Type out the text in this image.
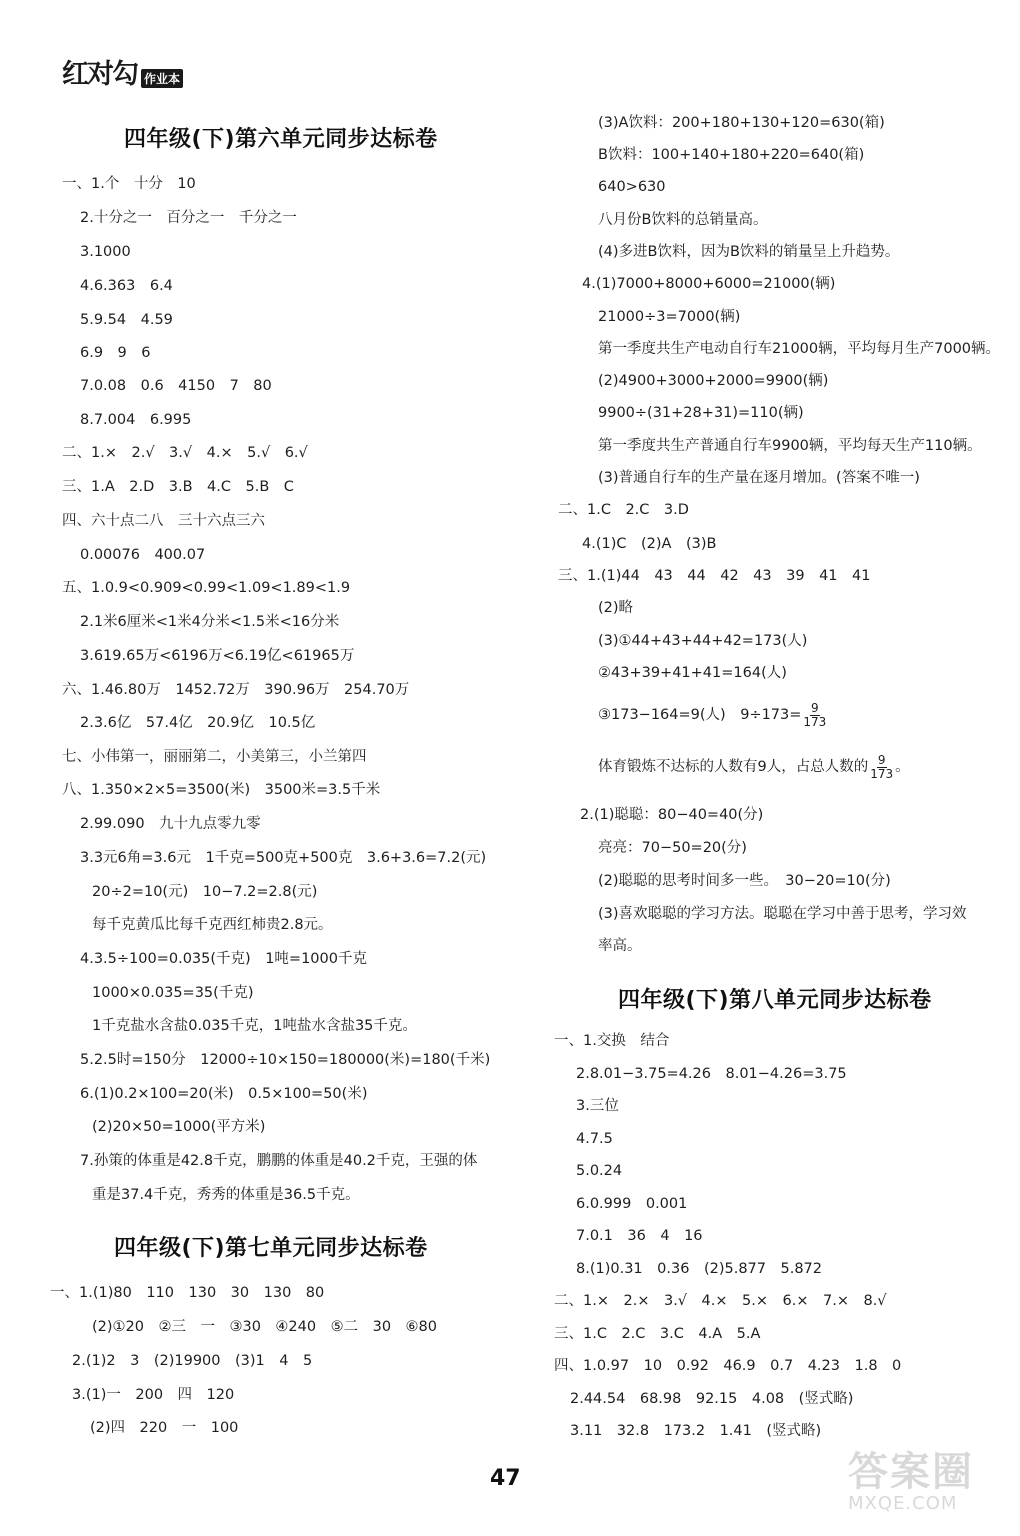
红对勾 作业本
四年级(下)第六单元同步达标卷
一、1.个　十分　10
2.十分之一　百分之一　千分之一
3.1000
4.6.363　6.4
5.9.54　4.59
6.9　9　6
7.0.08　0.6　4150　7　80
8.7.004　6.995
二、1.×　2.√　3.√　4.×　5.√　6.√
三、1.A　2.D　3.B　4.C　5.B　C
四、六十点二八　三十六点三六
0.00076　400.07
五、1.0.9<0.909<0.99<1.09<1.89<1.9
2.1米6厘米<1米4分米<1.5米<16分米
3.619.65万<6196万<6.19亿<61965万
六、1.46.80万　1452.72万　390.96万　254.70万
2.3.6亿　57.4亿　20.9亿　10.5亿
七、小伟第一，丽丽第二，小美第三，小兰第四
八、1.350×2×5=3500(米)　3500米=3.5千米
2.99.090　九十九点零九零
3.3元6角=3.6元　1千克=500克+500克　3.6+3.6=7.2(元)
20÷2=10(元)　10−7.2=2.8(元)
每千克黄瓜比每千克西红柿贵2.8元。
4.3.5÷100=0.035(千克)　1吨=1000千克
1000×0.035=35(千克)
1千克盐水含盐0.035千克，1吨盐水含盐35千克。
5.2.5时=150分　12000÷10×150=180000(米)=180(千米)
6.(1)0.2×100=20(米)　0.5×100=50(米)
(2)20×50=1000(平方米)
7.孙策的体重是42.8千克，鹏鹏的体重是40.2千克，王强的体
重是37.4千克，秀秀的体重是36.5千克。
四年级(下)第七单元同步达标卷
一、1.(1)80　110　130　30　130　80
(2)①20　②三　一　③30　④240　⑤二　30　⑥80
2.(1)2　3　(2)19900　(3)1　4　5
3.(1)一　200　四　120
(2)四　220　一　100
(3)A饮料：200+180+130+120=630(箱)
B饮料：100+140+180+220=640(箱)
640>630
八月份B饮料的总销量高。
(4)多进B饮料，因为B饮料的销量呈上升趋势。
4.(1)7000+8000+6000=21000(辆)
21000÷3=7000(辆)
第一季度共生产电动自行车21000辆，平均每月生产7000辆。
(2)4900+3000+2000=9900(辆)
9900÷(31+28+31)=110(辆)
第一季度共生产普通自行车9900辆，平均每天生产110辆。
(3)普通自行车的生产量在逐月增加。(答案不唯一)
二、1.C　2.C　3.D
4.(1)C　(2)A　(3)B
三、1.(1)44　43　44　42　43　39　41　41
(2)略
(3)①44+43+44+42=173(人)
②43+39+41+41=164(人)
③173−164=9(人)　$9\div 173= \frac{9}{173}$
体育锻炼不达标的人数有9人，占总人数的 $\frac{9}{173}$ 。
2.(1)聪聪：80−40=40(分)
亮亮：70−50=20(分)
(2)聪聪的思考时间多一些。　30−20=10(分)
(3)喜欢聪聪的学习方法。聪聪在学习中善于思考，学习效
率高。
四年级(下)第八单元同步达标卷
一、1.交换　结合
2.8.01−3.75=4.26　8.01−4.26=3.75
3.三位
4.7.5
5.0.24
6.0.999　0.001
7.0.1　36　4　16
8.(1)0.31　0.36　(2)5.877　5.872
二、1.×　2.×　3.√　4.×　5.×　6.×　7.×　8.√
三、1.C　2.C　3.C　4.A　5.A
四、1.0.97　10　0.92　46.9　0.7　4.23　1.8　0
2.44.54　68.98　92.15　4.08　(竖式略)
3.11　32.8　173.2　1.41　(竖式略)
47	答案圈
MXQE.COM
